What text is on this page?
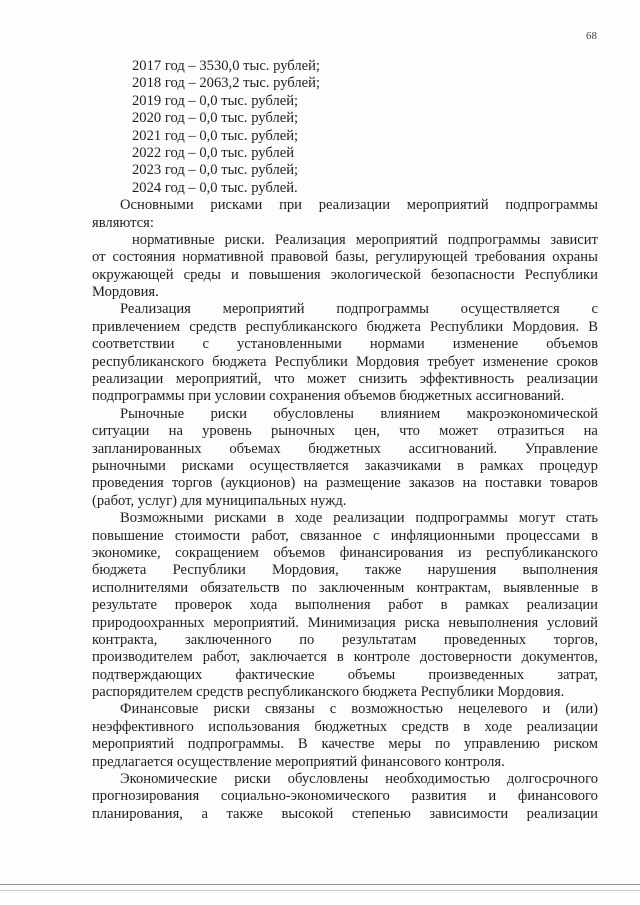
68
2017 год – 3530,0 тыс. рублей;
2018 год – 2063,2 тыс. рублей;
2019 год – 0,0 тыс. рублей;
2020 год – 0,0 тыс. рублей;
2021 год – 0,0 тыс. рублей;
2022 год – 0,0 тыс. рублей
2023 год – 0,0 тыс. рублей;
2024 год – 0,0 тыс. рублей.
Основными рисками при реализации мероприятий подпрограммы
являются:
нормативные риски. Реализация мероприятий подпрограммы зависит
от состояния нормативной правовой базы, регулирующей требования охраны
окружающей среды и повышения экологической безопасности Республики
Мордовия.
Реализация мероприятий подпрограммы осуществляется с
привлечением средств республиканского бюджета Республики Мордовия. В
соответствии с установленными нормами изменение объемов
республиканского бюджета Республики Мордовия требует изменение сроков
реализации мероприятий, что может снизить эффективность реализации
подпрограммы при условии сохранения объемов бюджетных ассигнований.
Рыночные риски обусловлены влиянием макроэкономической
ситуации на уровень рыночных цен, что может отразиться на
запланированных объемах бюджетных ассигнований. Управление
рыночными рисками осуществляется заказчиками в рамках процедур
проведения торгов (аукционов) на размещение заказов на поставки товаров
(работ, услуг) для муниципальных нужд.
Возможными рисками в ходе реализации подпрограммы могут стать
повышение стоимости работ, связанное с инфляционными процессами в
экономике, сокращением объемов финансирования из республиканского
бюджета Республики Мордовия, также нарушения выполнения
исполнителями обязательств по заключенным контрактам, выявленные в
результате проверок хода выполнения работ в рамках реализации
природоохранных мероприятий. Минимизация риска невыполнения условий
контракта, заключенного по результатам проведенных торгов,
производителем работ, заключается в контроле достоверности документов,
подтверждающих фактические объемы произведенных затрат,
распорядителем средств республиканского бюджета Республики Мордовия.
Финансовые риски связаны с возможностью нецелевого и (или)
неэффективного использования бюджетных средств в ходе реализации
мероприятий подпрограммы. В качестве меры по управлению риском
предлагается осуществление мероприятий финансового контроля.
Экономические риски обусловлены необходимостью долгосрочного
прогнозирования социально-экономического развития и финансового
планирования, а также высокой степенью зависимости реализации
